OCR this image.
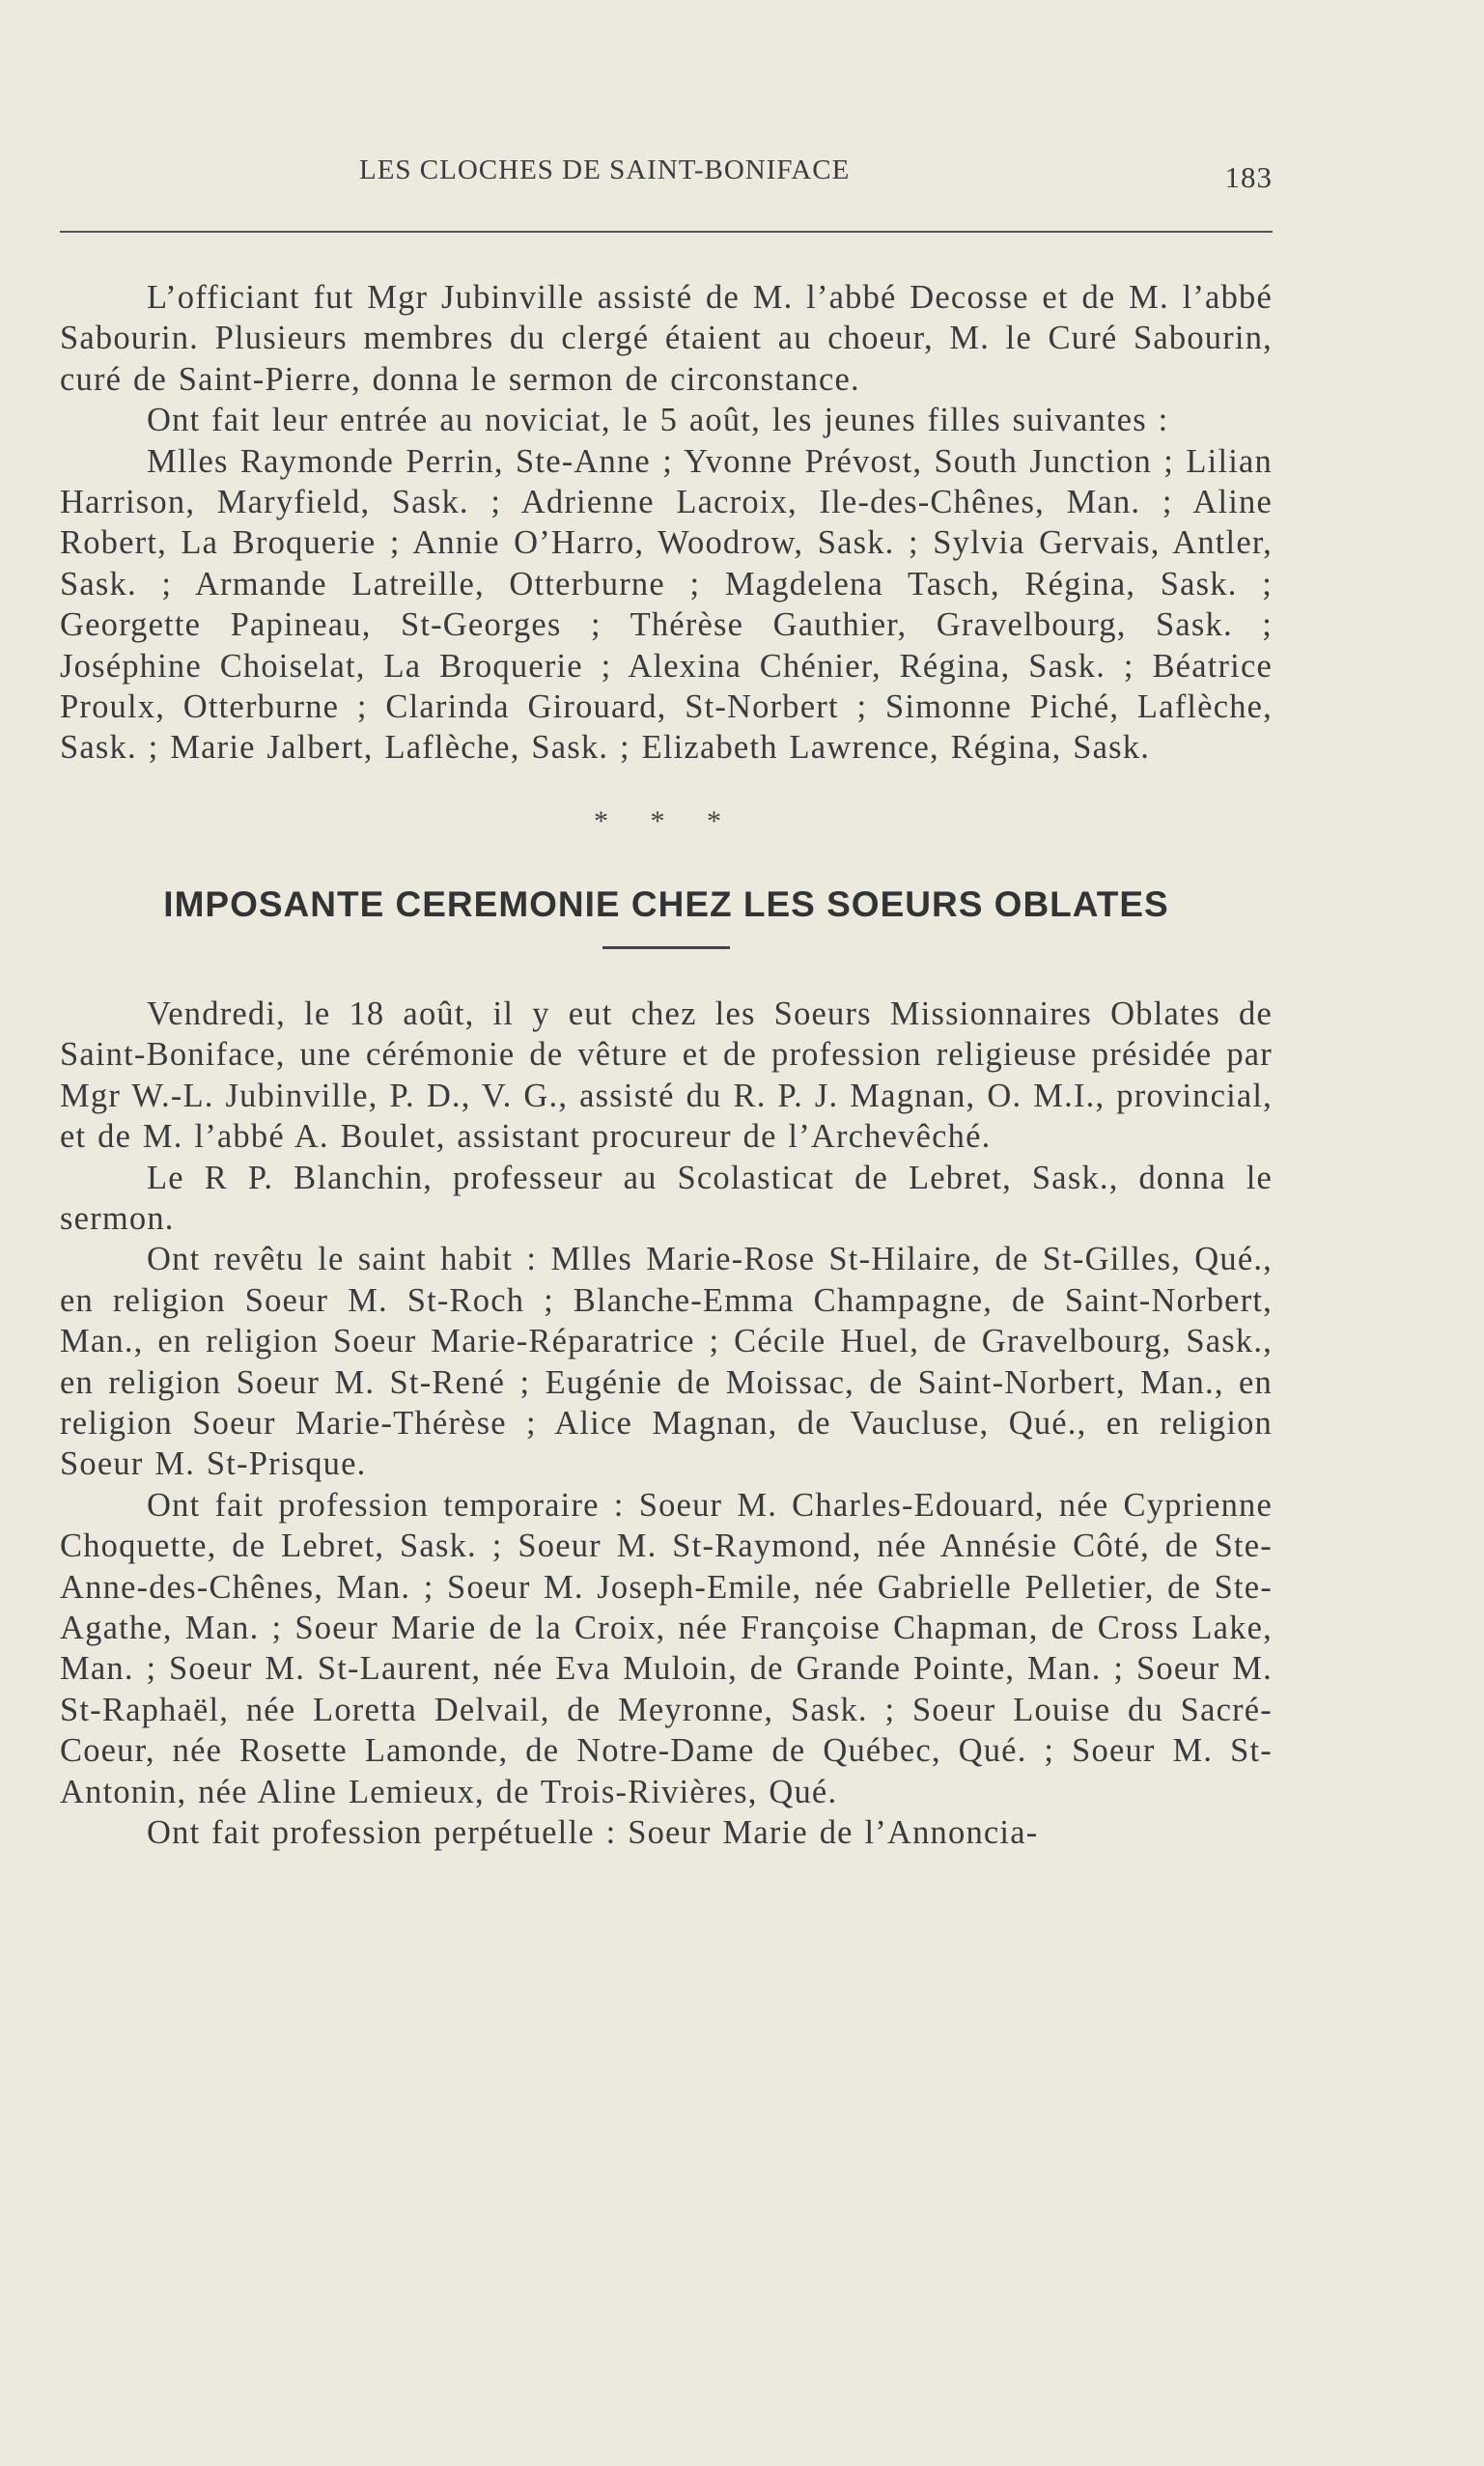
LES CLOCHES DE SAINT-BONIFACE	183

L’officiant fut Mgr Jubinville assisté de M. l’abbé Decosse et de M. l’abbé Sabourin. Plusieurs membres du clergé étaient au choeur, M. le Curé Sabourin, curé de Saint-Pierre, donna le sermon de circonstance.

Ont fait leur entrée au noviciat, le 5 août, les jeunes filles suivantes :

Mlles Raymonde Perrin, Ste-Anne ; Yvonne Prévost, South Junction ; Lilian Harrison, Maryfield, Sask. ; Adrienne Lacroix, Ile-des-Chênes, Man. ; Aline Robert, La Broquerie ; Annie O’Harro, Woodrow, Sask. ; Sylvia Gervais, Antler, Sask. ; Armande Latreille, Otterburne ; Magdelena Tasch, Régina, Sask. ; Georgette Papineau, St-Georges ; Thérèse Gauthier, Gravelbourg, Sask. ; Joséphine Choiselat, La Broquerie ; Alexina Chénier, Régina, Sask. ; Béatrice Proulx, Otterburne ; Clarinda Girouard, St-Norbert ; Simonne Piché, Laflèche, Sask. ; Marie Jalbert, Laflèche, Sask. ; Elizabeth Lawrence, Régina, Sask.

* * *
IMPOSANTE CEREMONIE CHEZ LES SOEURS OBLATES

Vendredi, le 18 août, il y eut chez les Soeurs Missionnaires Oblates de Saint-Boniface, une cérémonie de vêture et de profession religieuse présidée par Mgr W.-L. Jubinville, P. D., V. G., assisté du R. P. J. Magnan, O. M.I., provincial, et de M. l’abbé A. Boulet, assistant procureur de l’Archevêché.

Le R P. Blanchin, professeur au Scolasticat de Lebret, Sask., donna le sermon.

Ont revêtu le saint habit : Mlles Marie-Rose St-Hilaire, de St-Gilles, Qué., en religion Soeur M. St-Roch ; Blanche-Emma Champagne, de Saint-Norbert, Man., en religion Soeur Marie-Réparatrice ; Cécile Huel, de Gravelbourg, Sask., en religion Soeur M. St-René ; Eugénie de Moissac, de Saint-Norbert, Man., en religion Soeur Marie-Thérèse ; Alice Magnan, de Vaucluse, Qué., en religion Soeur M. St-Prisque.

Ont fait profession temporaire : Soeur M. Charles-Edouard, née Cyprienne Choquette, de Lebret, Sask. ; Soeur M. St-Raymond, née Annésie Côté, de Ste-Anne-des-Chênes, Man. ; Soeur M. Joseph-Emile, née Gabrielle Pelletier, de Ste-Agathe, Man. ; Soeur Marie de la Croix, née Françoise Chapman, de Cross Lake, Man. ; Soeur M. St-Laurent, née Eva Muloin, de Grande Pointe, Man. ; Soeur M. St-Raphaël, née Loretta Delvail, de Meyronne, Sask. ; Soeur Louise du Sacré-Coeur, née Rosette Lamonde, de Notre-Dame de Québec, Qué. ; Soeur M. St-Antonin, née Aline Lemieux, de Trois-Rivières, Qué.

Ont fait profession perpétuelle : Soeur Marie de l’Annoncia-
